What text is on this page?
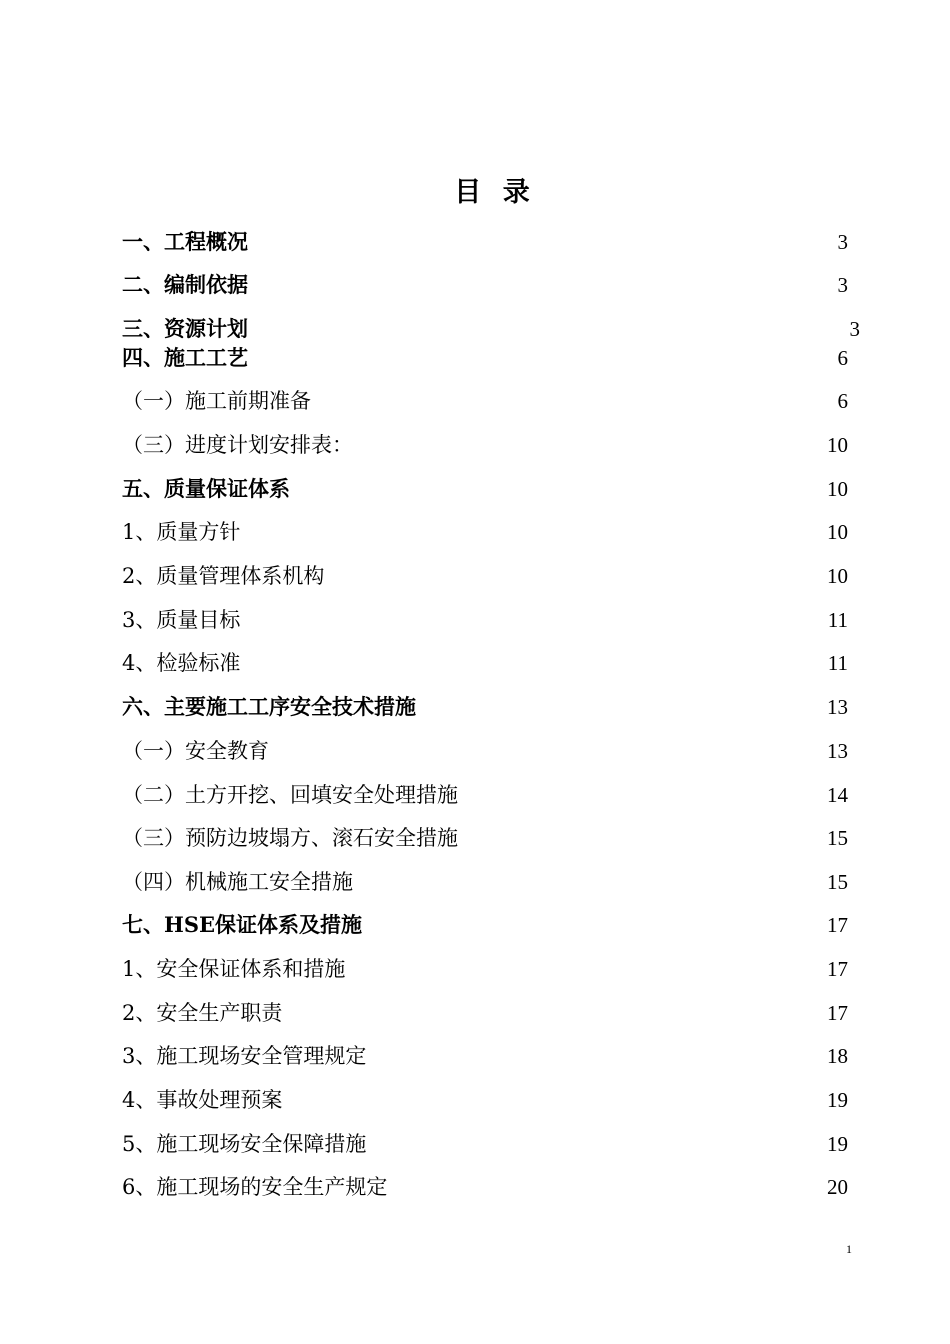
目 录
一、工程概况	3
二、编制依据	3
三、资源计划	3
四、施工工艺	6
（一）施工前期准备	6
（三）进度计划安排表：	10
五、质量保证体系	10
1、质量方针	10
2、质量管理体系机构	10
3、质量目标	11
4、检验标准	11
六、主要施工工序安全技术措施	13
（一）安全教育	13
（二）土方开挖、回填安全处理措施	14
（三）预防边坡塌方、滚石安全措施	15
（四）机械施工安全措施	15
七、HSE保证体系及措施	17
1、安全保证体系和措施	17
2、安全生产职责	17
3、施工现场安全管理规定	18
4、事故处理预案	19
5、施工现场安全保障措施	19
6、施工现场的安全生产规定	20
1
